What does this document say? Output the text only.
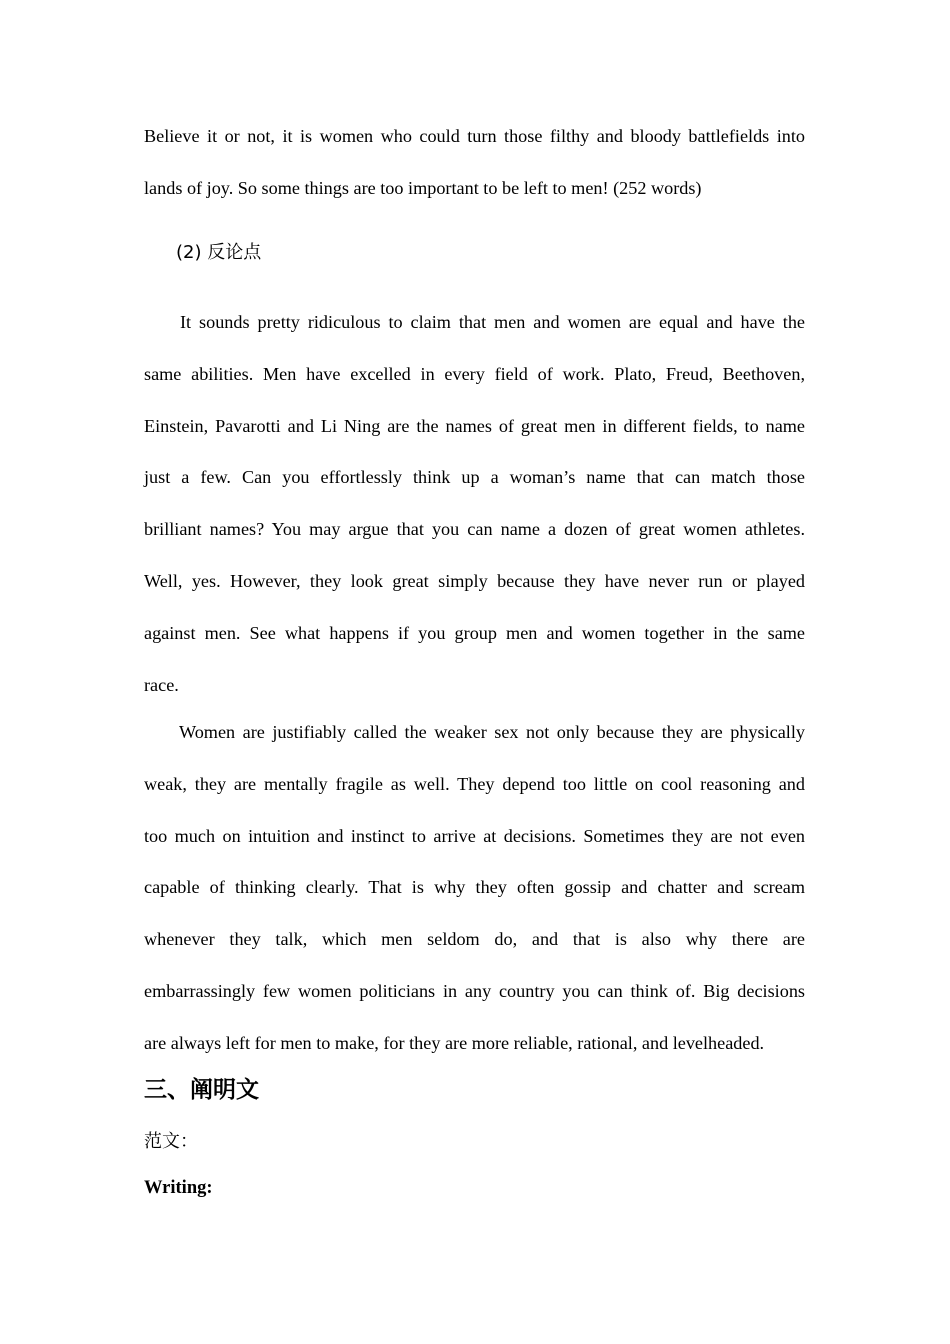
Believe it or not, it is women who could turn those filthy and bloody battlefields into
lands of joy. So some things are too important to be left to men! (252 words)

(2) 反论点

It sounds pretty ridiculous to claim that men and women are equal and have the
same abilities. Men have excelled in every field of work. Plato, Freud, Beethoven,
Einstein, Pavarotti and Li Ning are the names of great men in different fields, to name
just a few. Can you effortlessly think up a woman’s name that can match those
brilliant names? You may argue that you can name a dozen of great women athletes.
Well, yes. However, they look great simply because they have never run or played
against men. See what happens if you group men and women together in the same
race.
Women are justifiably called the weaker sex not only because they are physically
weak, they are mentally fragile as well. They depend too little on cool reasoning and
too much on intuition and instinct to arrive at decisions. Sometimes they are not even
capable of thinking clearly. That is why they often gossip and chatter and scream
whenever they talk, which men seldom do, and that is also why there are
embarrassingly few women politicians in any country you can think of. Big decisions
are always left for men to make, for they are more reliable, rational, and levelheaded.
三、阐明文

范文：

Writing:
